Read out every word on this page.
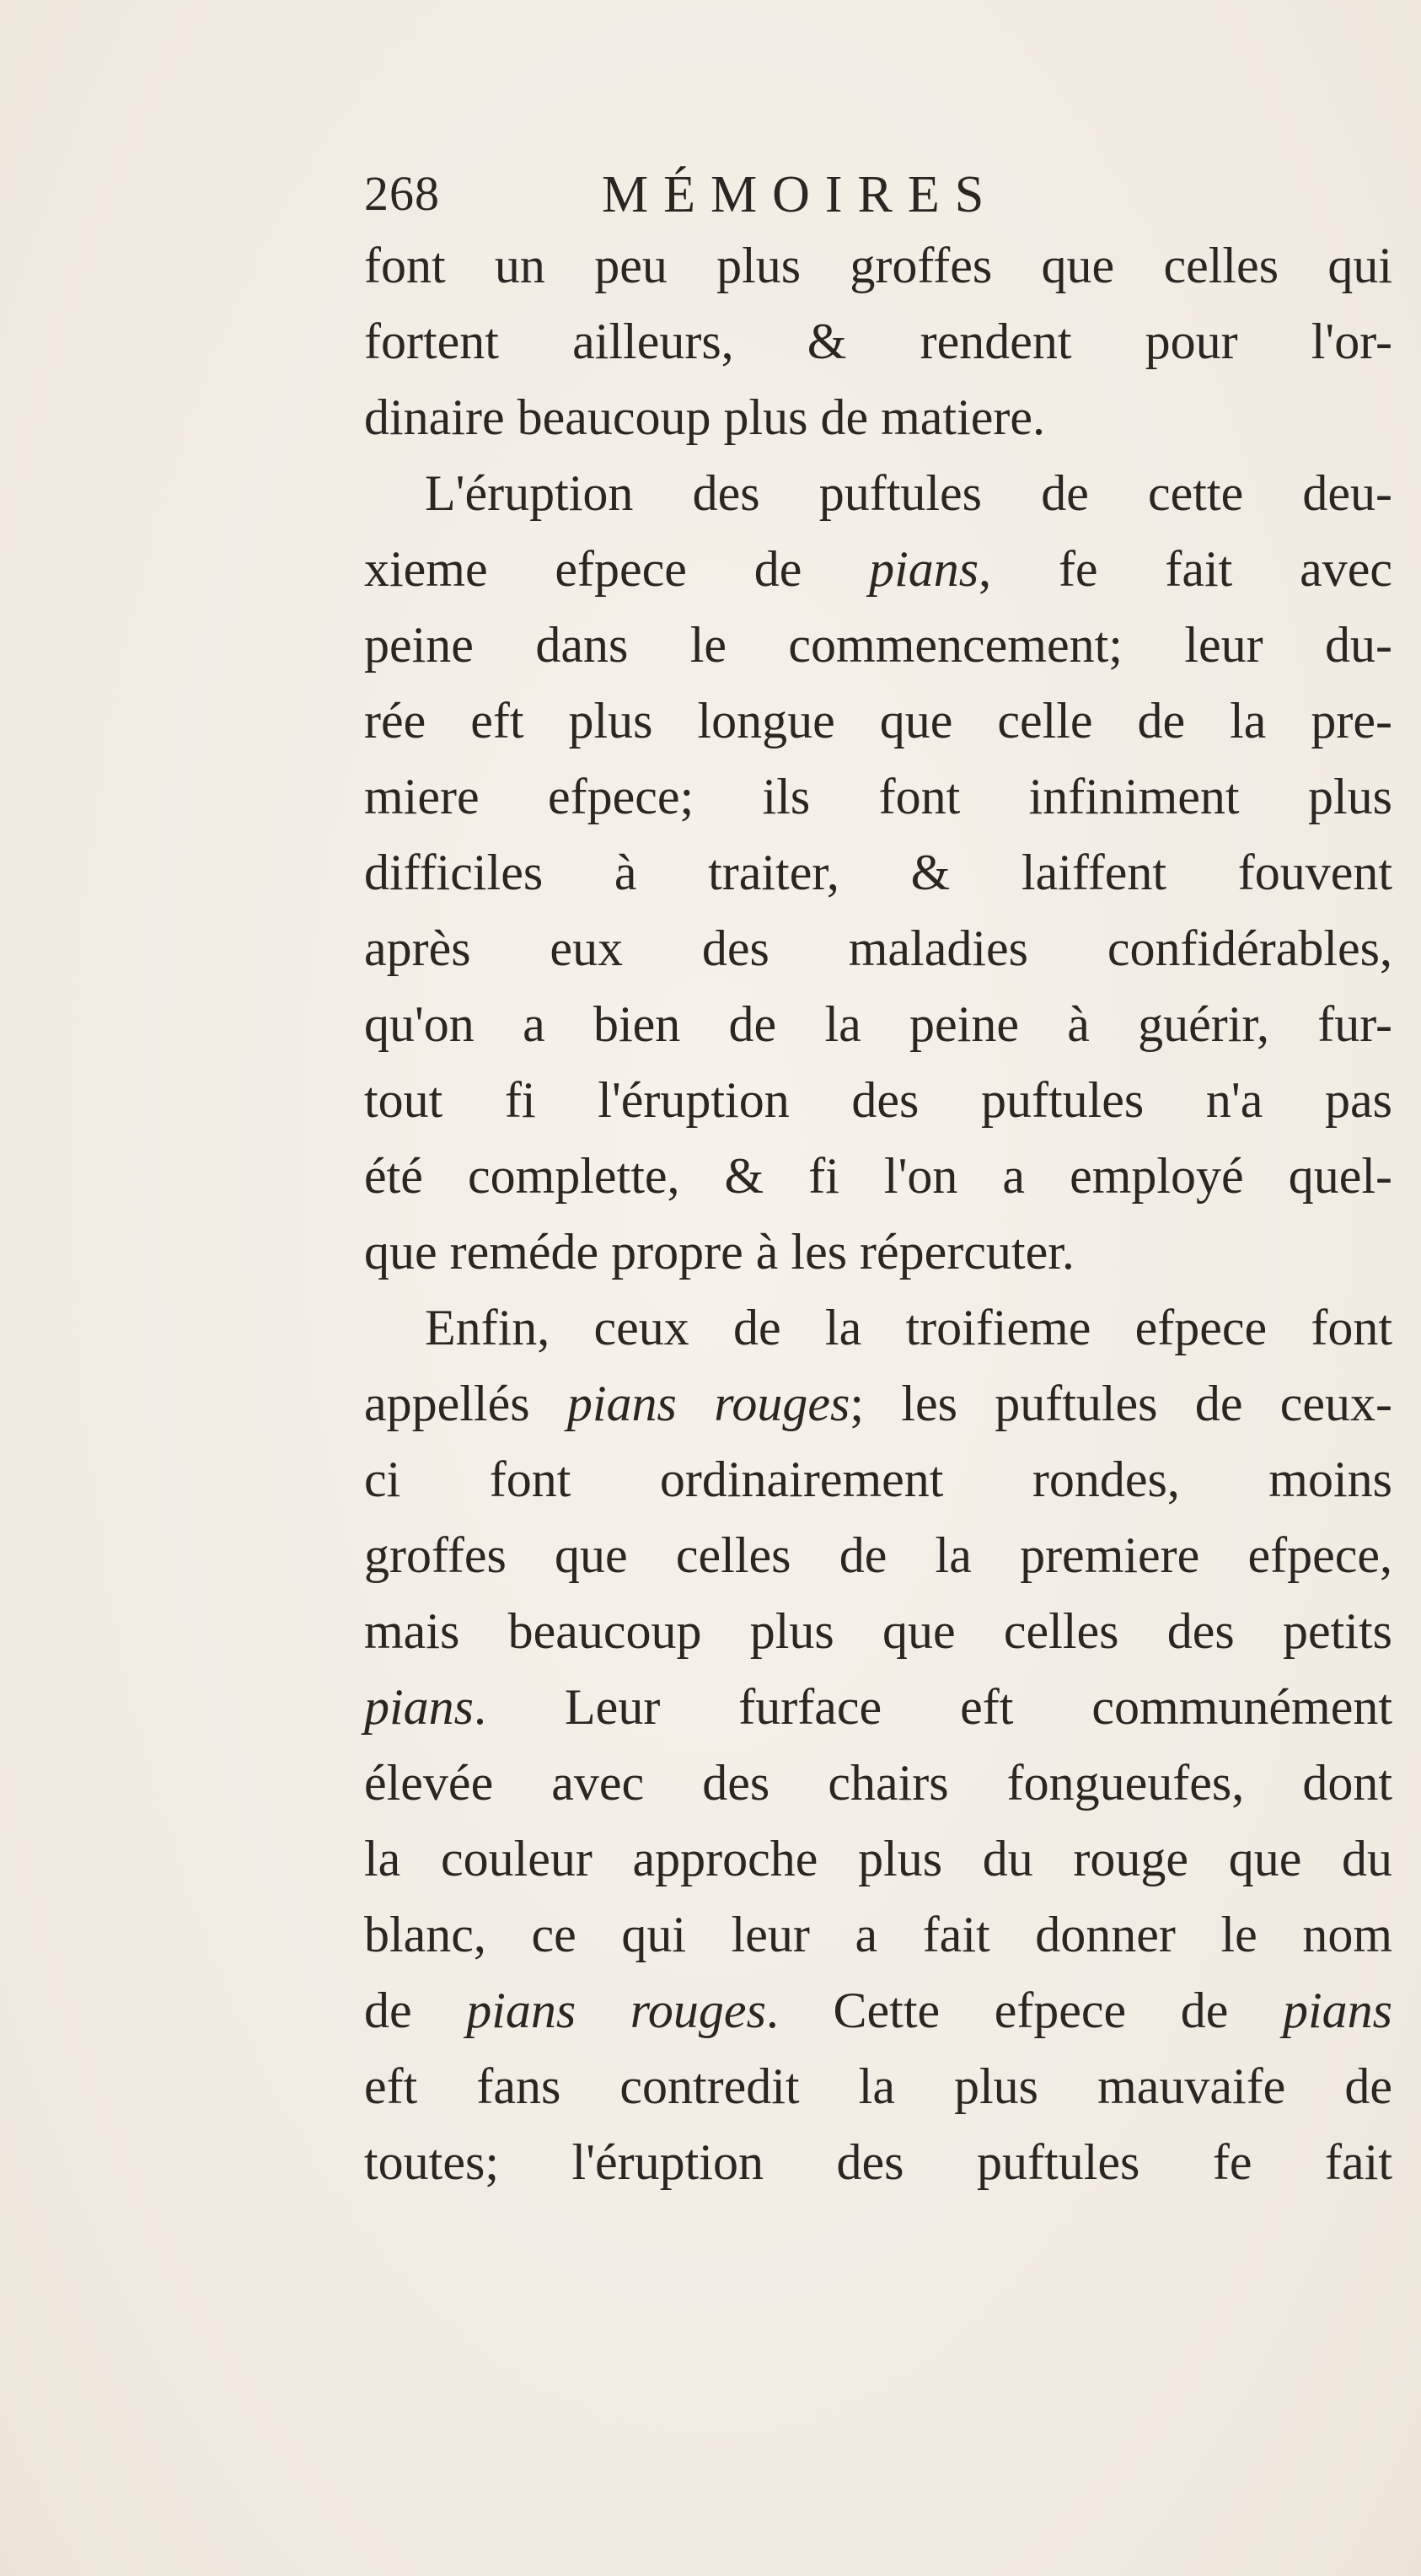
268	MÉMOIRES
font un peu plus groffes que celles qui
fortent ailleurs, & rendent pour l'or-
dinaire beaucoup plus de matiere.
L'éruption des puftules de cette deu-
xieme efpece de pians, fe fait avec
peine dans le commencement; leur du-
rée eft plus longue que celle de la pre-
miere efpece; ils font infiniment plus
difficiles à traiter, & laiffent fouvent
après eux des maladies confidérables,
qu'on a bien de la peine à guérir, fur-
tout fi l'éruption des puftules n'a pas
été complette, & fi l'on a employé quel-
que reméde propre à les répercuter.
Enfin, ceux de la troifieme efpece font
appellés pians rouges; les puftules de ceux-
ci font ordinairement rondes, moins
groffes que celles de la premiere efpece,
mais beaucoup plus que celles des petits
pians. Leur furface eft communément
élevée avec des chairs fongueufes, dont
la couleur approche plus du rouge que du
blanc, ce qui leur a fait donner le nom
de pians rouges. Cette efpece de pians
eft fans contredit la plus mauvaife de
toutes; l'éruption des puftules fe fait
